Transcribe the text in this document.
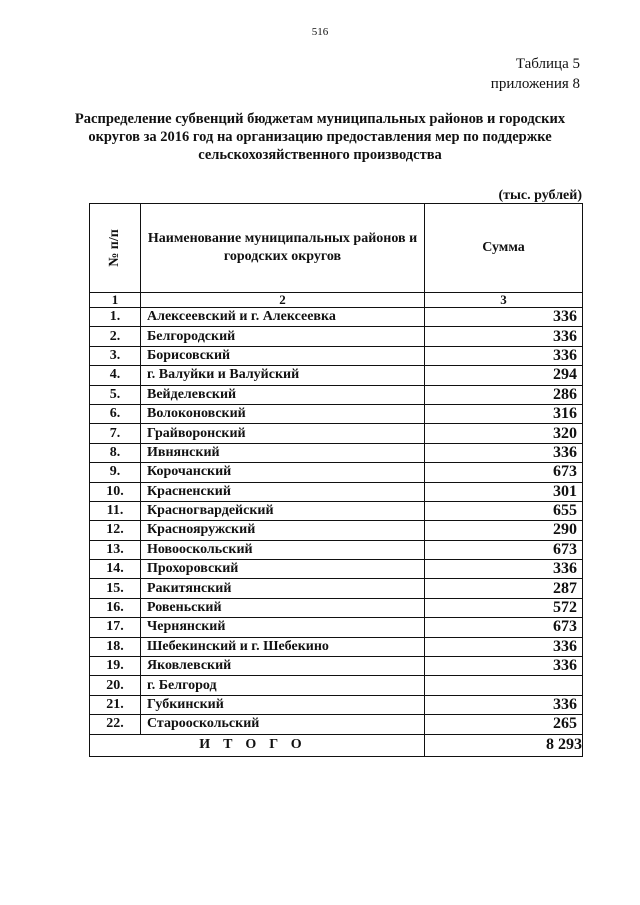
516
Таблица 5
приложения 8
Распределение субвенций бюджетам муниципальных районов и городских округов за 2016 год на организацию предоставления мер по поддержке сельскохозяйственного производства
(тыс. рублей)
№ п/п	Наименование муниципальных районов и городских округов	Сумма
1	2	3
1.	Алексеевский и г. Алексеевка	336
2.	Белгородский	336
3.	Борисовский	336
4.	г. Валуйки и Валуйский	294
5.	Вейделевский	286
6.	Волоконовский	316
7.	Грайворонский	320
8.	Ивнянский	336
9.	Корочанский	673
10.	Красненский	301
11.	Красногвардейский	655
12.	Краснояружский	290
13.	Новооскольский	673
14.	Прохоровский	336
15.	Ракитянский	287
16.	Ровеньский	572
17.	Чернянский	673
18.	Шебекинский и г. Шебекино	336
19.	Яковлевский	336
20.	г. Белгород	
21.	Губкинский	336
22.	Старооскольский	265
ИТОГО		8 293
